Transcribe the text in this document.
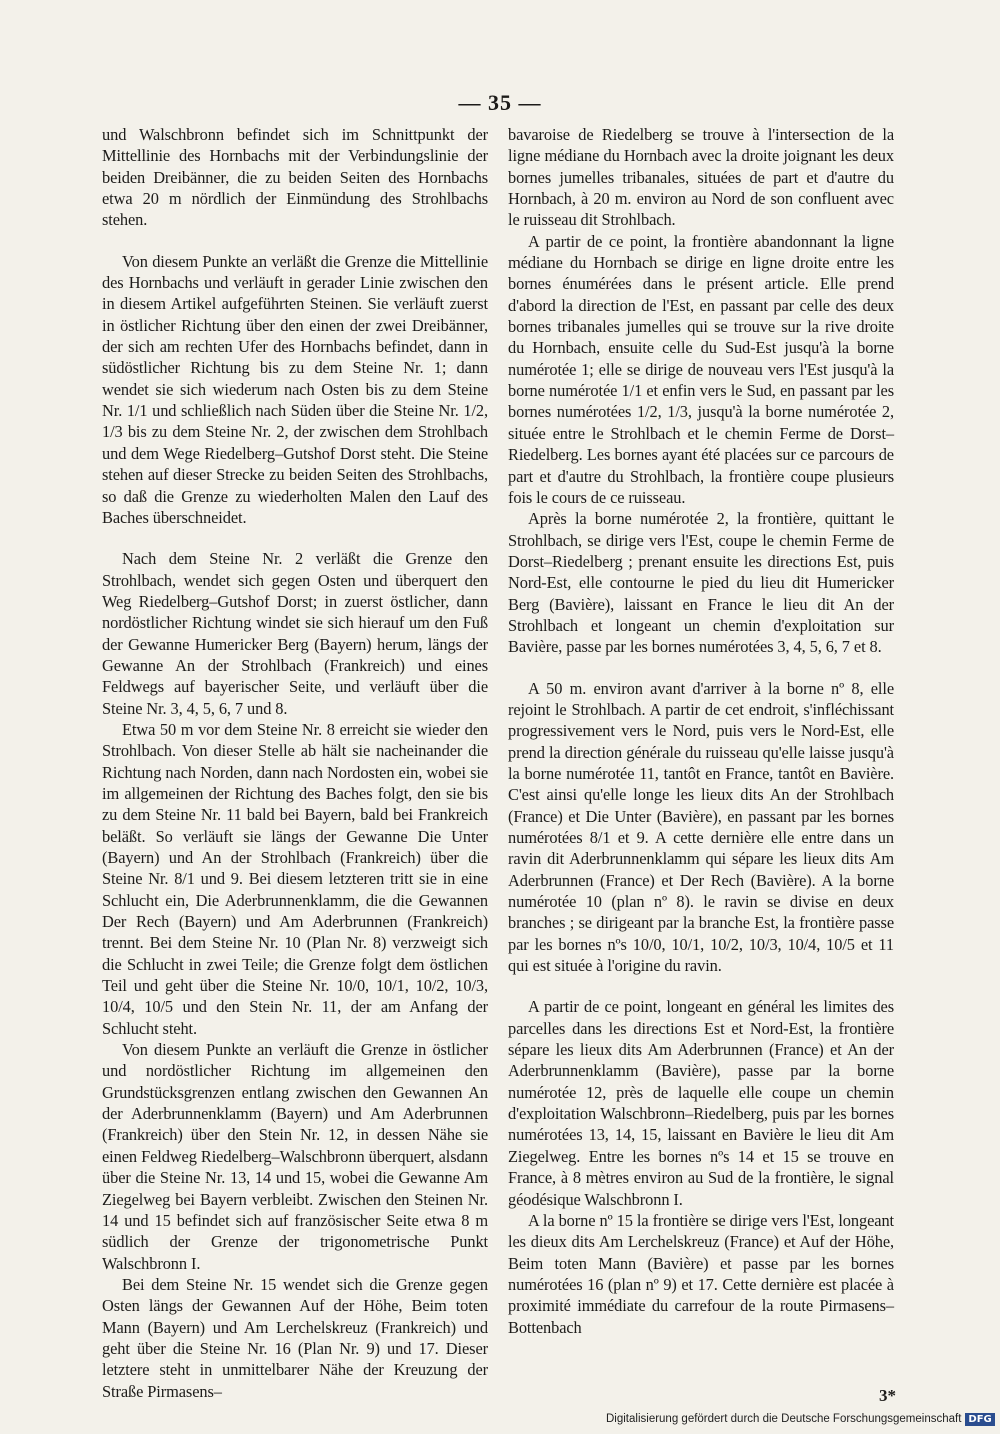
— 35 —

und Walschbronn befindet sich im Schnittpunkt der Mittellinie des Hornbachs mit der Verbindungslinie der beiden Dreibänner, die zu beiden Seiten des Hornbachs etwa 20 m nördlich der Einmündung des Strohlbachs stehen.

Von diesem Punkte an verläßt die Grenze die Mittellinie des Hornbachs und verläuft in gerader Linie zwischen den in diesem Artikel aufgeführten Steinen. Sie verläuft zuerst in östlicher Richtung über den einen der zwei Dreibänner, der sich am rechten Ufer des Hornbachs befindet, dann in südöstlicher Richtung bis zu dem Steine Nr. 1; dann wendet sie sich wiederum nach Osten bis zu dem Steine Nr. 1/1 und schließlich nach Süden über die Steine Nr. 1/2, 1/3 bis zu dem Steine Nr. 2, der zwischen dem Strohlbach und dem Wege Riedelberg–Gutshof Dorst steht. Die Steine stehen auf dieser Strecke zu beiden Seiten des Strohlbachs, so daß die Grenze zu wiederholten Malen den Lauf des Baches überschneidet.

Nach dem Steine Nr. 2 verläßt die Grenze den Strohlbach, wendet sich gegen Osten und überquert den Weg Riedelberg–Gutshof Dorst; in zuerst östlicher, dann nordöstlicher Richtung windet sie sich hierauf um den Fuß der Gewanne Humericker Berg (Bayern) herum, längs der Gewanne An der Strohlbach (Frankreich) und eines Feldwegs auf bayerischer Seite, und verläuft über die Steine Nr. 3, 4, 5, 6, 7 und 8.

Etwa 50 m vor dem Steine Nr. 8 erreicht sie wieder den Strohlbach. Von dieser Stelle ab hält sie nacheinander die Richtung nach Norden, dann nach Nordosten ein, wobei sie im allgemeinen der Richtung des Baches folgt, den sie bis zu dem Steine Nr. 11 bald bei Bayern, bald bei Frankreich beläßt. So verläuft sie längs der Gewanne Die Unter (Bayern) und An der Strohlbach (Frankreich) über die Steine Nr. 8/1 und 9. Bei diesem letzteren tritt sie in eine Schlucht ein, Die Aderbrunnenklamm, die die Gewannen Der Rech (Bayern) und Am Aderbrunnen (Frankreich) trennt. Bei dem Steine Nr. 10 (Plan Nr. 8) verzweigt sich die Schlucht in zwei Teile; die Grenze folgt dem östlichen Teil und geht über die Steine Nr. 10/0, 10/1, 10/2, 10/3, 10/4, 10/5 und den Stein Nr. 11, der am Anfang der Schlucht steht.

Von diesem Punkte an verläuft die Grenze in östlicher und nordöstlicher Richtung im allgemeinen den Grundstücksgrenzen entlang zwischen den Gewannen An der Aderbrunnenklamm (Bayern) und Am Aderbrunnen (Frankreich) über den Stein Nr. 12, in dessen Nähe sie einen Feldweg Riedelberg–Walschbronn überquert, alsdann über die Steine Nr. 13, 14 und 15, wobei die Gewanne Am Ziegelweg bei Bayern verbleibt. Zwischen den Steinen Nr. 14 und 15 befindet sich auf französischer Seite etwa 8 m südlich der Grenze der trigonometrische Punkt Walschbronn I.

Bei dem Steine Nr. 15 wendet sich die Grenze gegen Osten längs der Gewannen Auf der Höhe, Beim toten Mann (Bayern) und Am Lerchelskreuz (Frankreich) und geht über die Steine Nr. 16 (Plan Nr. 9) und 17. Dieser letztere steht in unmittelbarer Nähe der Kreuzung der Straße Pirmasens–

bavaroise de Riedelberg se trouve à l'intersection de la ligne médiane du Hornbach avec la droite joignant les deux bornes jumelles tribanales, situées de part et d'autre du Hornbach, à 20 m. environ au Nord de son confluent avec le ruisseau dit Strohlbach.

A partir de ce point, la frontière abandonnant la ligne médiane du Hornbach se dirige en ligne droite entre les bornes énumérées dans le présent article. Elle prend d'abord la direction de l'Est, en passant par celle des deux bornes tribanales jumelles qui se trouve sur la rive droite du Hornbach, ensuite celle du Sud-Est jusqu'à la borne numérotée 1; elle se dirige de nouveau vers l'Est jusqu'à la borne numérotée 1/1 et enfin vers le Sud, en passant par les bornes numérotées 1/2, 1/3, jusqu'à la borne numérotée 2, située entre le Strohlbach et le chemin Ferme de Dorst–Riedelberg. Les bornes ayant été placées sur ce parcours de part et d'autre du Strohlbach, la frontière coupe plusieurs fois le cours de ce ruisseau.

Après la borne numérotée 2, la frontière, quittant le Strohlbach, se dirige vers l'Est, coupe le chemin Ferme de Dorst–Riedelberg ; prenant ensuite les directions Est, puis Nord-Est, elle contourne le pied du lieu dit Humericker Berg (Bavière), laissant en France le lieu dit An der Strohlbach et longeant un chemin d'exploitation sur Bavière, passe par les bornes numérotées 3, 4, 5, 6, 7 et 8.

A 50 m. environ avant d'arriver à la borne nº 8, elle rejoint le Strohlbach. A partir de cet endroit, s'infléchissant progressivement vers le Nord, puis vers le Nord-Est, elle prend la direction générale du ruisseau qu'elle laisse jusqu'à la borne numérotée 11, tantôt en France, tantôt en Bavière. C'est ainsi qu'elle longe les lieux dits An der Strohlbach (France) et Die Unter (Bavière), en passant par les bornes numérotées 8/1 et 9. A cette dernière elle entre dans un ravin dit Aderbrunnenklamm qui sépare les lieux dits Am Aderbrunnen (France) et Der Rech (Bavière). A la borne numérotée 10 (plan nº 8). le ravin se divise en deux branches ; se dirigeant par la branche Est, la frontière passe par les bornes nºs 10/0, 10/1, 10/2, 10/3, 10/4, 10/5 et 11 qui est située à l'origine du ravin.

A partir de ce point, longeant en général les limites des parcelles dans les directions Est et Nord-Est, la frontière sépare les lieux dits Am Aderbrunnen (France) et An der Aderbrunnenklamm (Bavière), passe par la borne numérotée 12, près de laquelle elle coupe un chemin d'exploitation Walschbronn–Riedelberg, puis par les bornes numérotées 13, 14, 15, laissant en Bavière le lieu dit Am Ziegelweg. Entre les bornes nºs 14 et 15 se trouve en France, à 8 mètres environ au Sud de la frontière, le signal géodésique Walschbronn I.

A la borne nº 15 la frontière se dirige vers l'Est, longeant les dieux dits Am Lerchelskreuz (France) et Auf der Höhe, Beim toten Mann (Bavière) et passe par les bornes numérotées 16 (plan nº 9) et 17. Cette dernière est placée à proximité immédiate du carrefour de la route Pirmasens–Bottenbach

3*
Digitalisierung gefördert durch die Deutsche Forschungsgemeinschaft DFG
